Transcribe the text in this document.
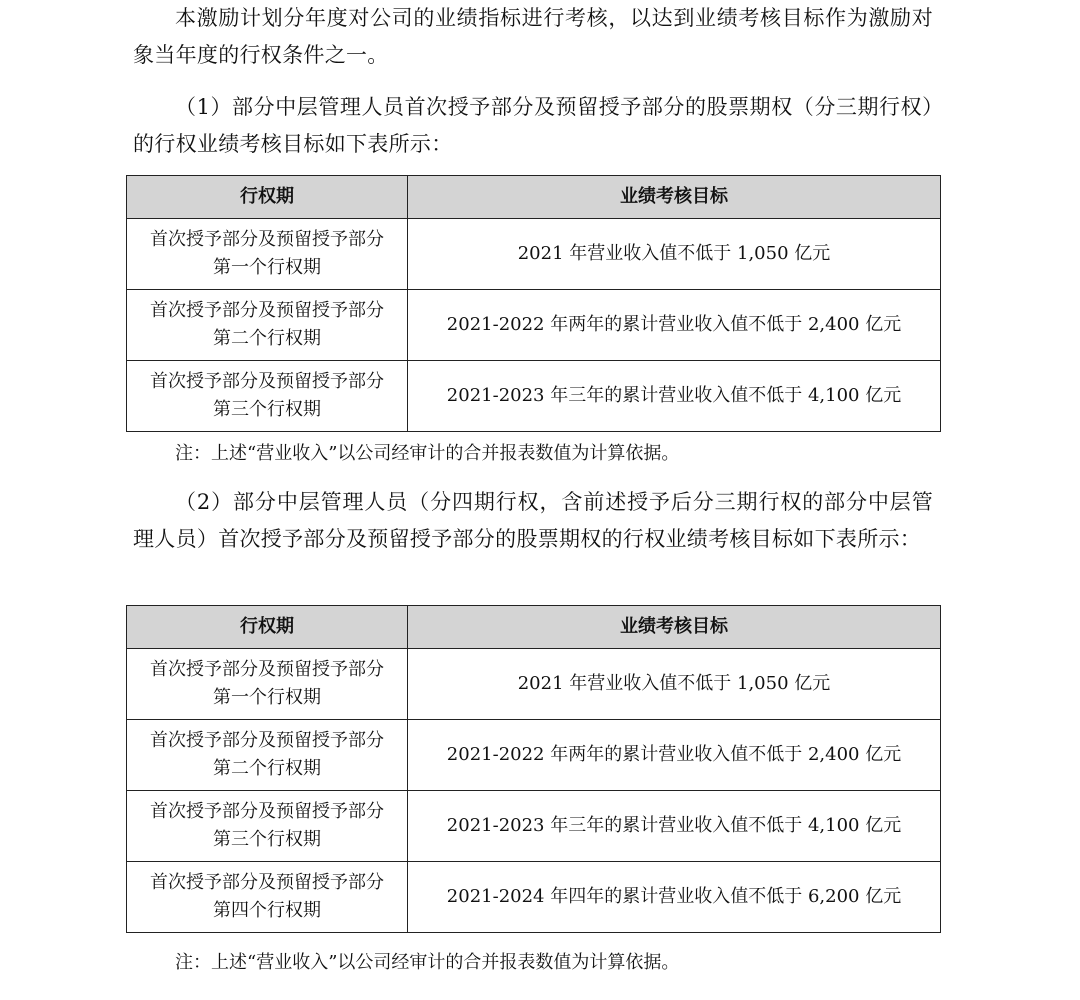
本激励计划分年度对公司的业绩指标进行考核，以达到业绩考核目标作为激励对象当年度的行权条件之一。

（1）部分中层管理人员首次授予部分及预留授予部分的股票期权（分三期行权）的行权业绩考核目标如下表所示：

行权期	业绩考核目标

首次授予部分及预留授予部分
第一个行权期	2021 年营业收入值不低于 1,050 亿元

首次授予部分及预留授予部分
第二个行权期	2021-2022 年两年的累计营业收入值不低于 2,400 亿元

首次授予部分及预留授予部分
第三个行权期	2021-2023 年三年的累计营业收入值不低于 4,100 亿元

注：上述“营业收入”以公司经审计的合并报表数值为计算依据。

（2）部分中层管理人员（分四期行权，含前述授予后分三期行权的部分中层管理人员）首次授予部分及预留授予部分的股票期权的行权业绩考核目标如下表所示：

行权期	业绩考核目标

首次授予部分及预留授予部分
第一个行权期	2021 年营业收入值不低于 1,050 亿元

首次授予部分及预留授予部分
第二个行权期	2021-2022 年两年的累计营业收入值不低于 2,400 亿元

首次授予部分及预留授予部分
第三个行权期	2021-2023 年三年的累计营业收入值不低于 4,100 亿元

首次授予部分及预留授予部分
第四个行权期	2021-2024 年四年的累计营业收入值不低于 6,200 亿元

注：上述“营业收入”以公司经审计的合并报表数值为计算依据。
